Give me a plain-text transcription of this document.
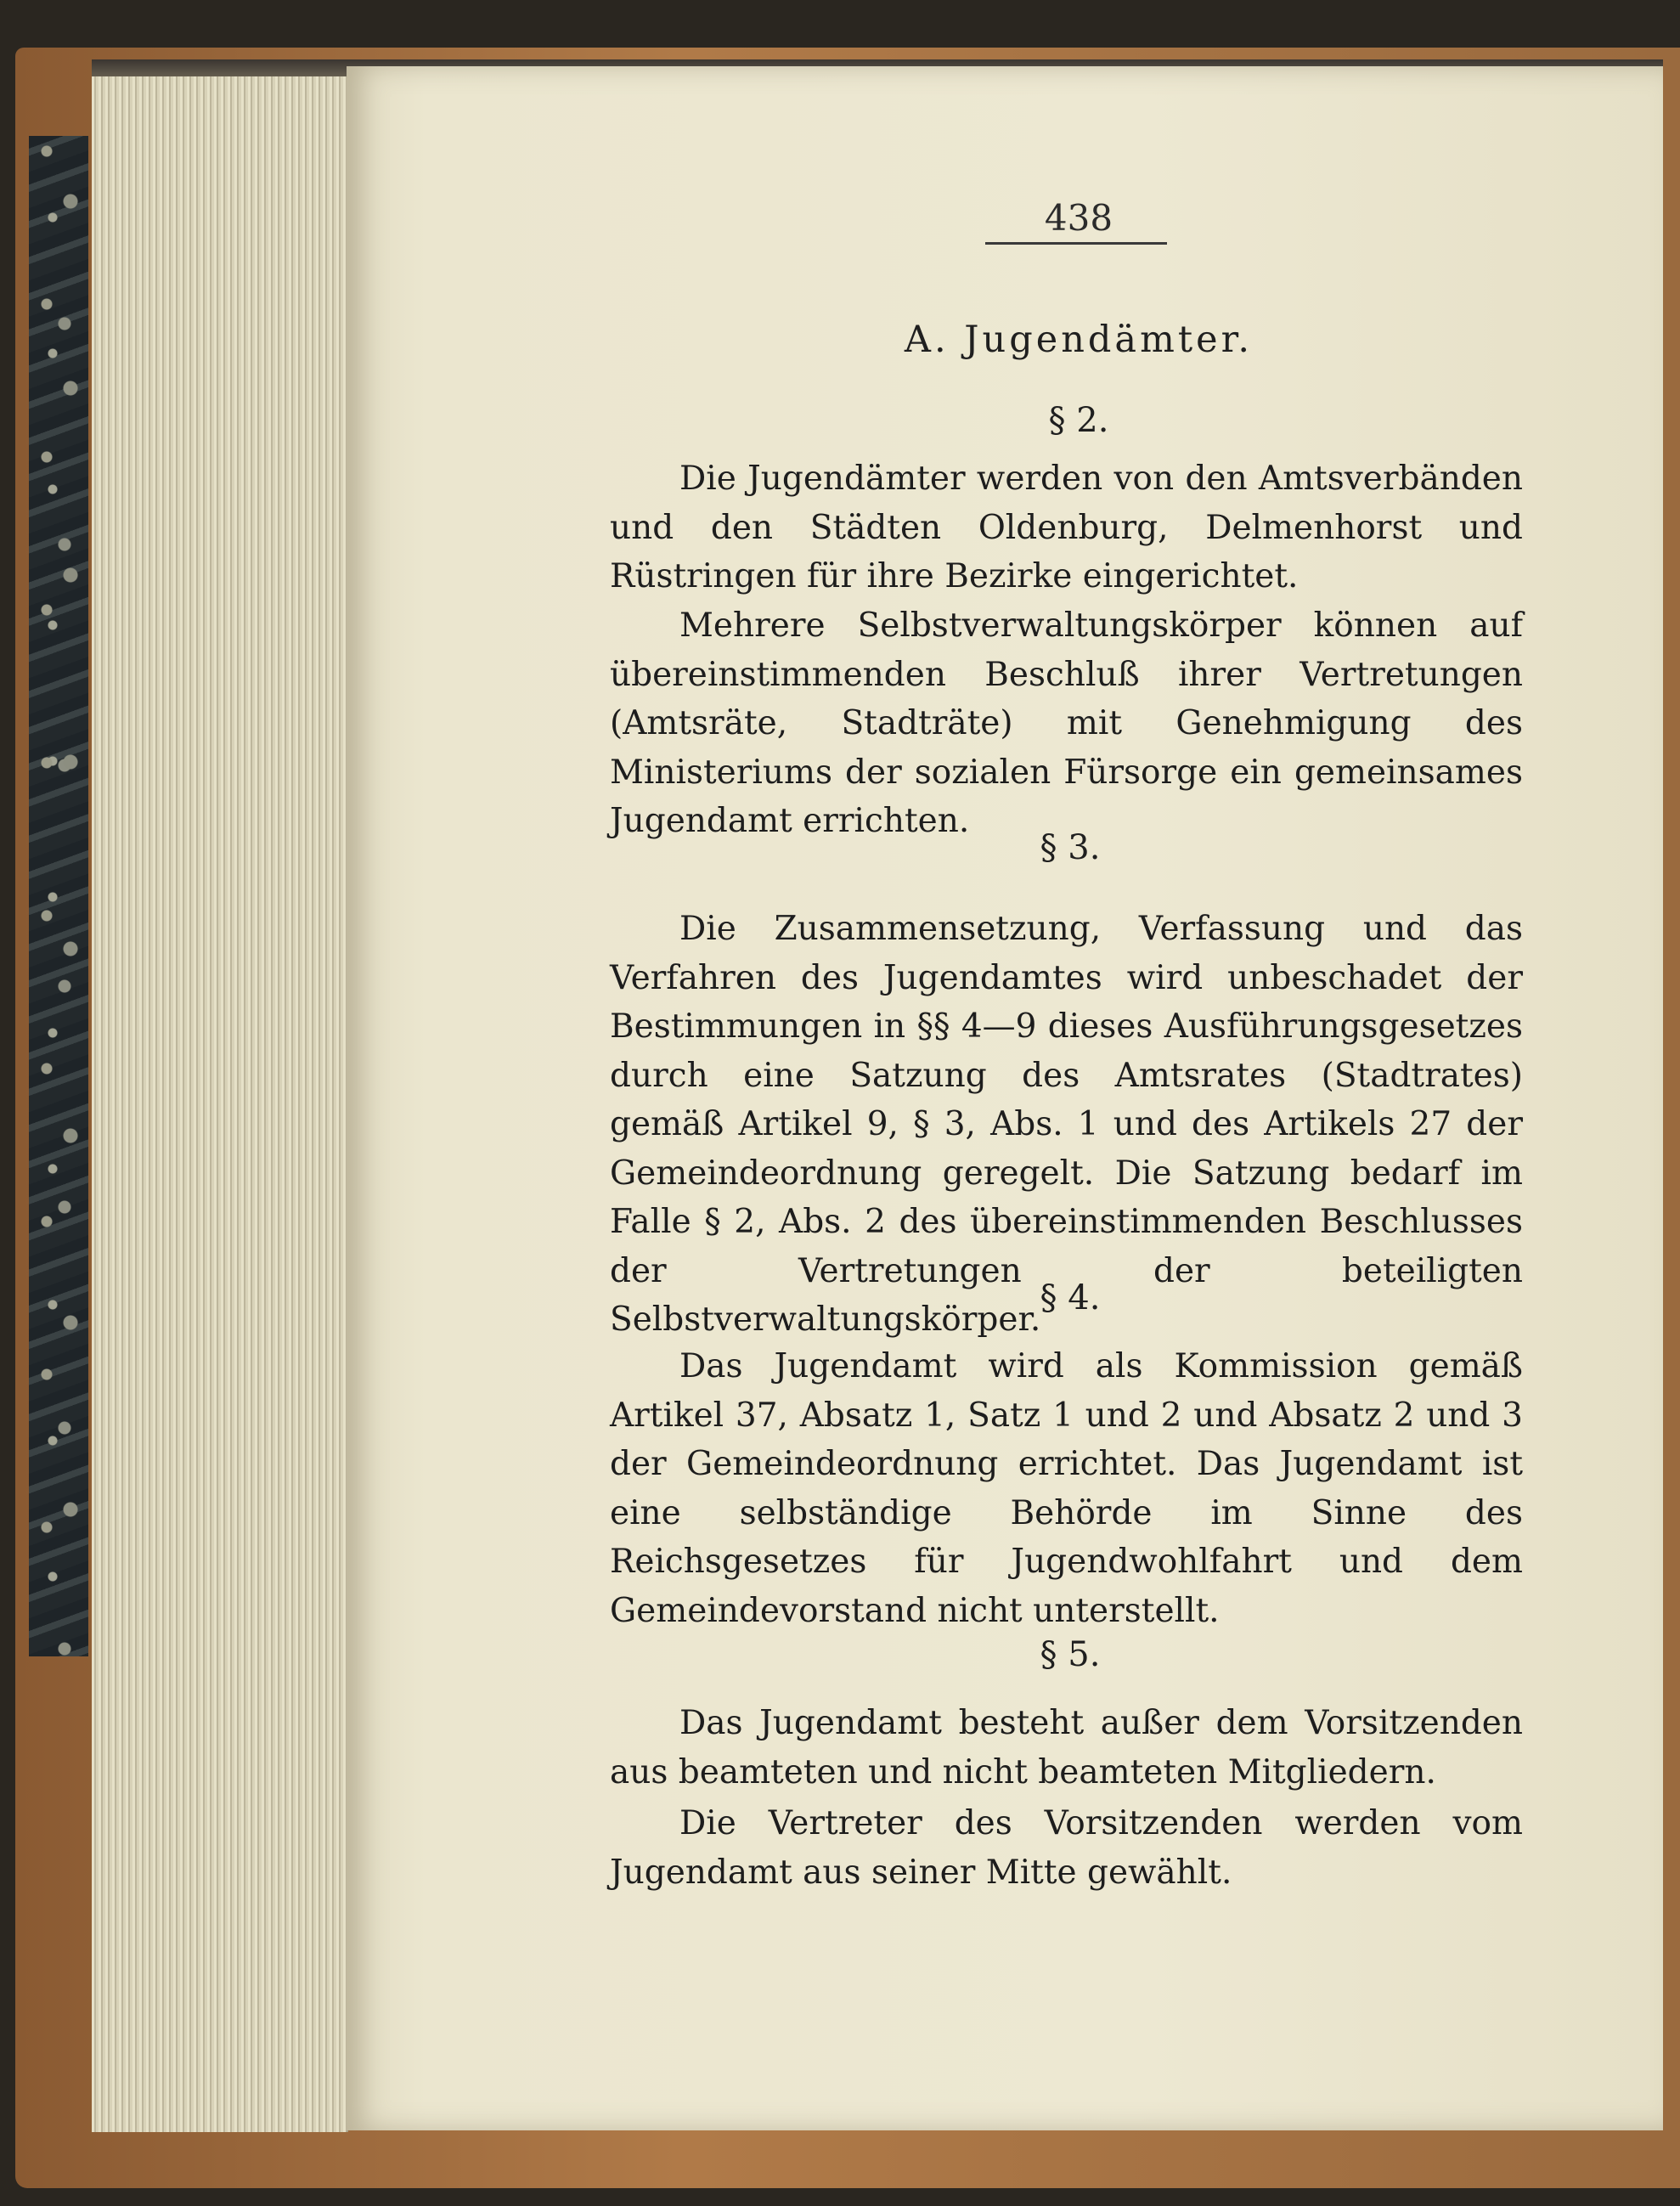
438
A. Jugendämter.
§ 2.
Die Jugendämter werden von den Amtsverbänden und den Städten Oldenburg, Delmenhorst und Rüstringen für ihre Bezirke eingerichtet.
Mehrere Selbstverwaltungskörper können auf übereinstimmenden Beschluß ihrer Vertretungen (Amtsräte, Stadträte) mit Genehmigung des Ministeriums der sozialen Fürsorge ein gemeinsames Jugendamt errichten.
§ 3.
Die Zusammensetzung, Verfassung und das Verfahren des Jugendamtes wird unbeschadet der Bestimmungen in §§ 4—9 dieses Ausführungsgesetzes durch eine Satzung des Amtsrates (Stadtrates) gemäß Artikel 9, § 3, Abs. 1 und des Artikels 27 der Gemeindeordnung geregelt. Die Satzung bedarf im Falle § 2, Abs. 2 des übereinstimmenden Beschlusses der Vertretungen der beteiligten Selbstverwaltungskörper.
§ 4.
Das Jugendamt wird als Kommission gemäß Artikel 37, Absatz 1, Satz 1 und 2 und Absatz 2 und 3 der Gemeindeordnung errichtet. Das Jugendamt ist eine selbständige Behörde im Sinne des Reichsgesetzes für Jugendwohlfahrt und dem Gemeindevorstand nicht unterstellt.
§ 5.
Das Jugendamt besteht außer dem Vorsitzenden aus beamteten und nicht beamteten Mitgliedern.
Die Vertreter des Vorsitzenden werden vom Jugendamt aus seiner Mitte gewählt.
